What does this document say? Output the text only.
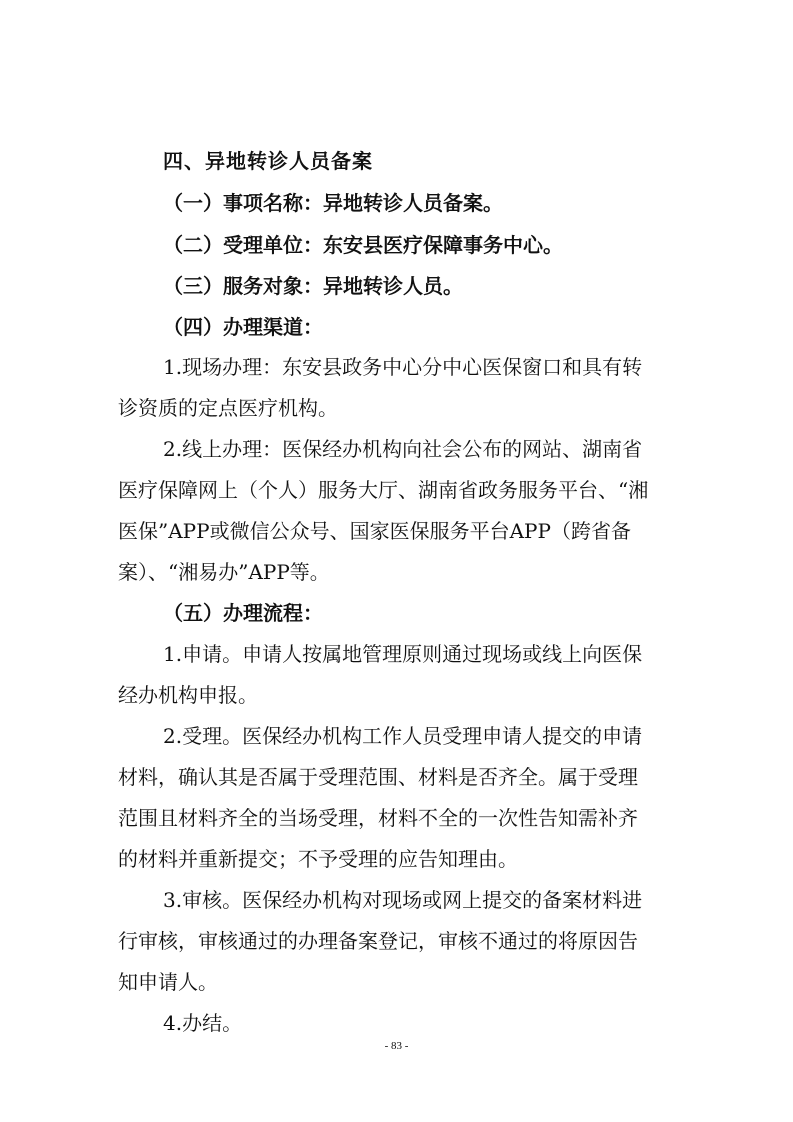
四、异地转诊人员备案
（一）事项名称：异地转诊人员备案。
（二）受理单位：东安县医疗保障事务中心。
（三）服务对象：异地转诊人员。
（四）办理渠道：
1.现场办理：东安县政务中心分中心医保窗口和具有转
诊资质的定点医疗机构。
2.线上办理：医保经办机构向社会公布的网站、湖南省
医疗保障网上（个人）服务大厅、湖南省政务服务平台、“湘
医保”APP或微信公众号、国家医保服务平台APP（跨省备
案）、“湘易办”APP等。
（五）办理流程：
1.申请。申请人按属地管理原则通过现场或线上向医保
经办机构申报。
2.受理。医保经办机构工作人员受理申请人提交的申请
材料，确认其是否属于受理范围、材料是否齐全。属于受理
范围且材料齐全的当场受理，材料不全的一次性告知需补齐
的材料并重新提交；不予受理的应告知理由。
3.审核。医保经办机构对现场或网上提交的备案材料进
行审核，审核通过的办理备案登记，审核不通过的将原因告
知申请人。
4.办结。
- 83 -
